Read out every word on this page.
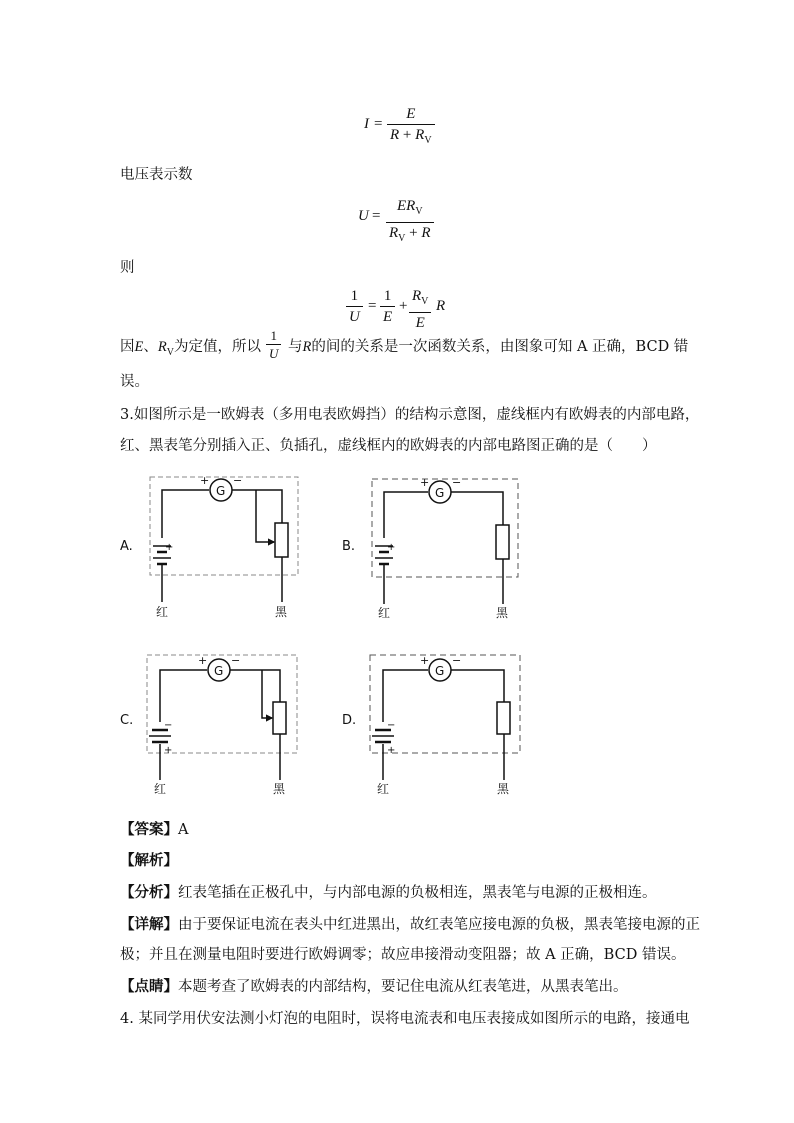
$I = \frac{E}{R + R_V}$
电压表示数
U =
$ER_V$
$R_V + R$
则
$\frac{1}{U} = \frac{1}{E} + \frac{R_V}{E}$ R
因E、$R_V$为定值，所以 $\frac{1}{U}$ 与R的间的关系是一次函数关系，由图象可知 A 正确，BCD 错
误。
3.如图所示是一欧姆表（多用电表欧姆挡）的结构示意图，虚线框内有欧姆表的内部电路，
红、黑表笔分别插入正、负插孔，虚线框内的欧姆表的内部电路图正确的是（　　）
A.
G
+ −
+
红	黑
B.
G
+ −
+
红	黑
C.
G
+ −
−
+
红	黑
D.
G
+ −
−
+
红	黑
【答案】A
【解析】
【分析】红表笔插在正极孔中，与内部电源的负极相连，黑表笔与电源的正极相连。
【详解】由于要保证电流在表头中红进黑出，故红表笔应接电源的负极，黑表笔接电源的正
极；并且在测量电阻时要进行欧姆调零；故应串接滑动变阻器；故 A 正确，BCD 错误。
【点睛】本题考查了欧姆表的内部结构，要记住电流从红表笔进，从黑表笔出。
4. 某同学用伏安法测小灯泡的电阻时，误将电流表和电压表接成如图所示的电路，接通电
